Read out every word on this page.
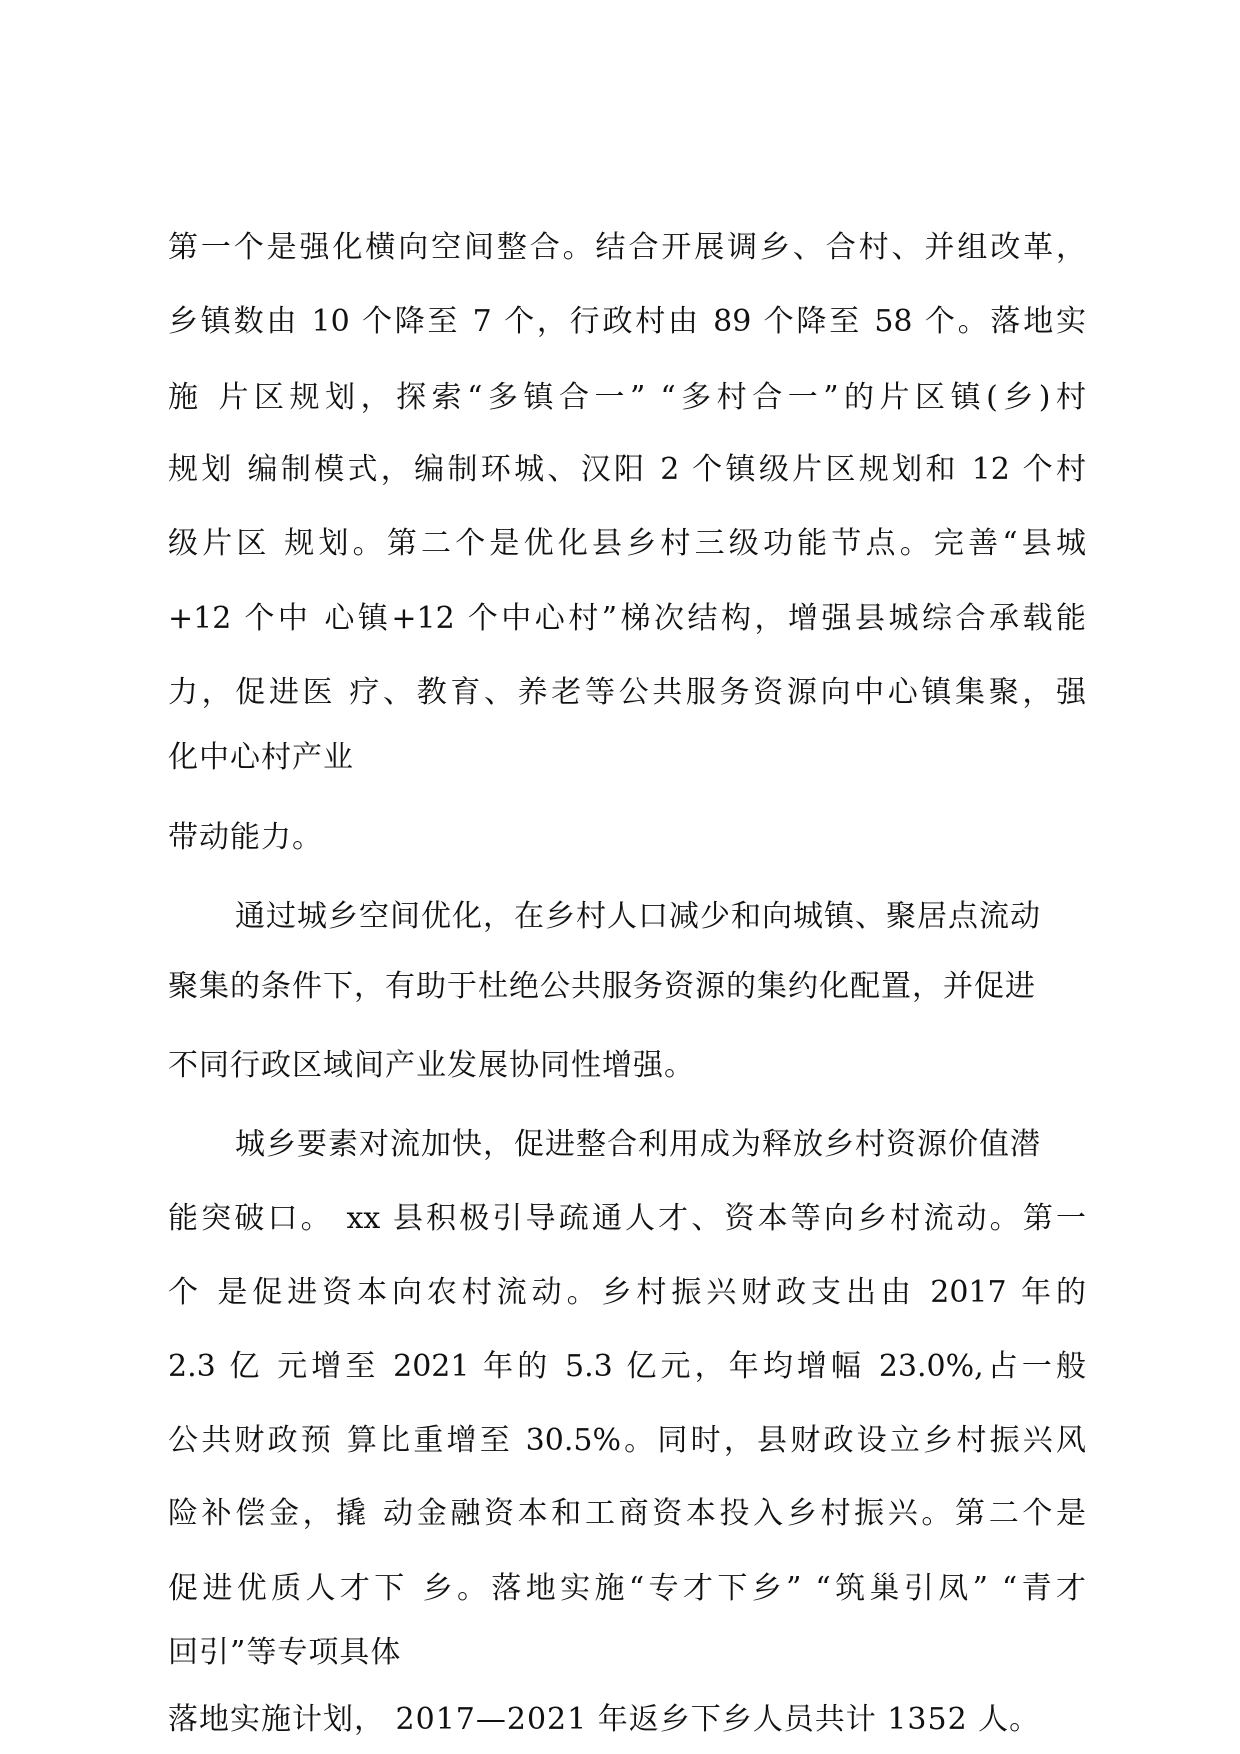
第一个是强化横向空间整合。结合开展调乡、合村、并组改革，
乡镇数由 10 个降至 7 个，行政村由 89 个降至 58 个。落地实
施 片区规划，探索“多镇合一” “多村合一”的片区镇(乡)村
规划 编制模式，编制环城、汉阳 2 个镇级片区规划和 12 个村
级片区 规划。第二个是优化县乡村三级功能节点。完善“县城
+12 个中 心镇+12 个中心村”梯次结构，增强县城综合承载能
力，促进医 疗、教育、养老等公共服务资源向中心镇集聚，强
化中心村产业
带动能力。
通过城乡空间优化，在乡村人口减少和向城镇、聚居点流动
聚集的条件下，有助于杜绝公共服务资源的集约化配置，并促进
不同行政区域间产业发展协同性增强。
城乡要素对流加快，促进整合利用成为释放乡村资源价值潜
能突破口。 xx 县积极引导疏通人才、资本等向乡村流动。第一
个 是促进资本向农村流动。乡村振兴财政支出由 2017 年的
2.3 亿 元增至 2021 年的 5.3 亿元，年均增幅 23.0%,占一般
公共财政预 算比重增至 30.5%。同时，县财政设立乡村振兴风
险补偿金，撬 动金融资本和工商资本投入乡村振兴。第二个是
促进优质人才下 乡。落地实施“专才下乡” “筑巢引凤” “青才
回引”等专项具体
落地实施计划， 2017—2021 年返乡下乡人员共计 1352 人。
